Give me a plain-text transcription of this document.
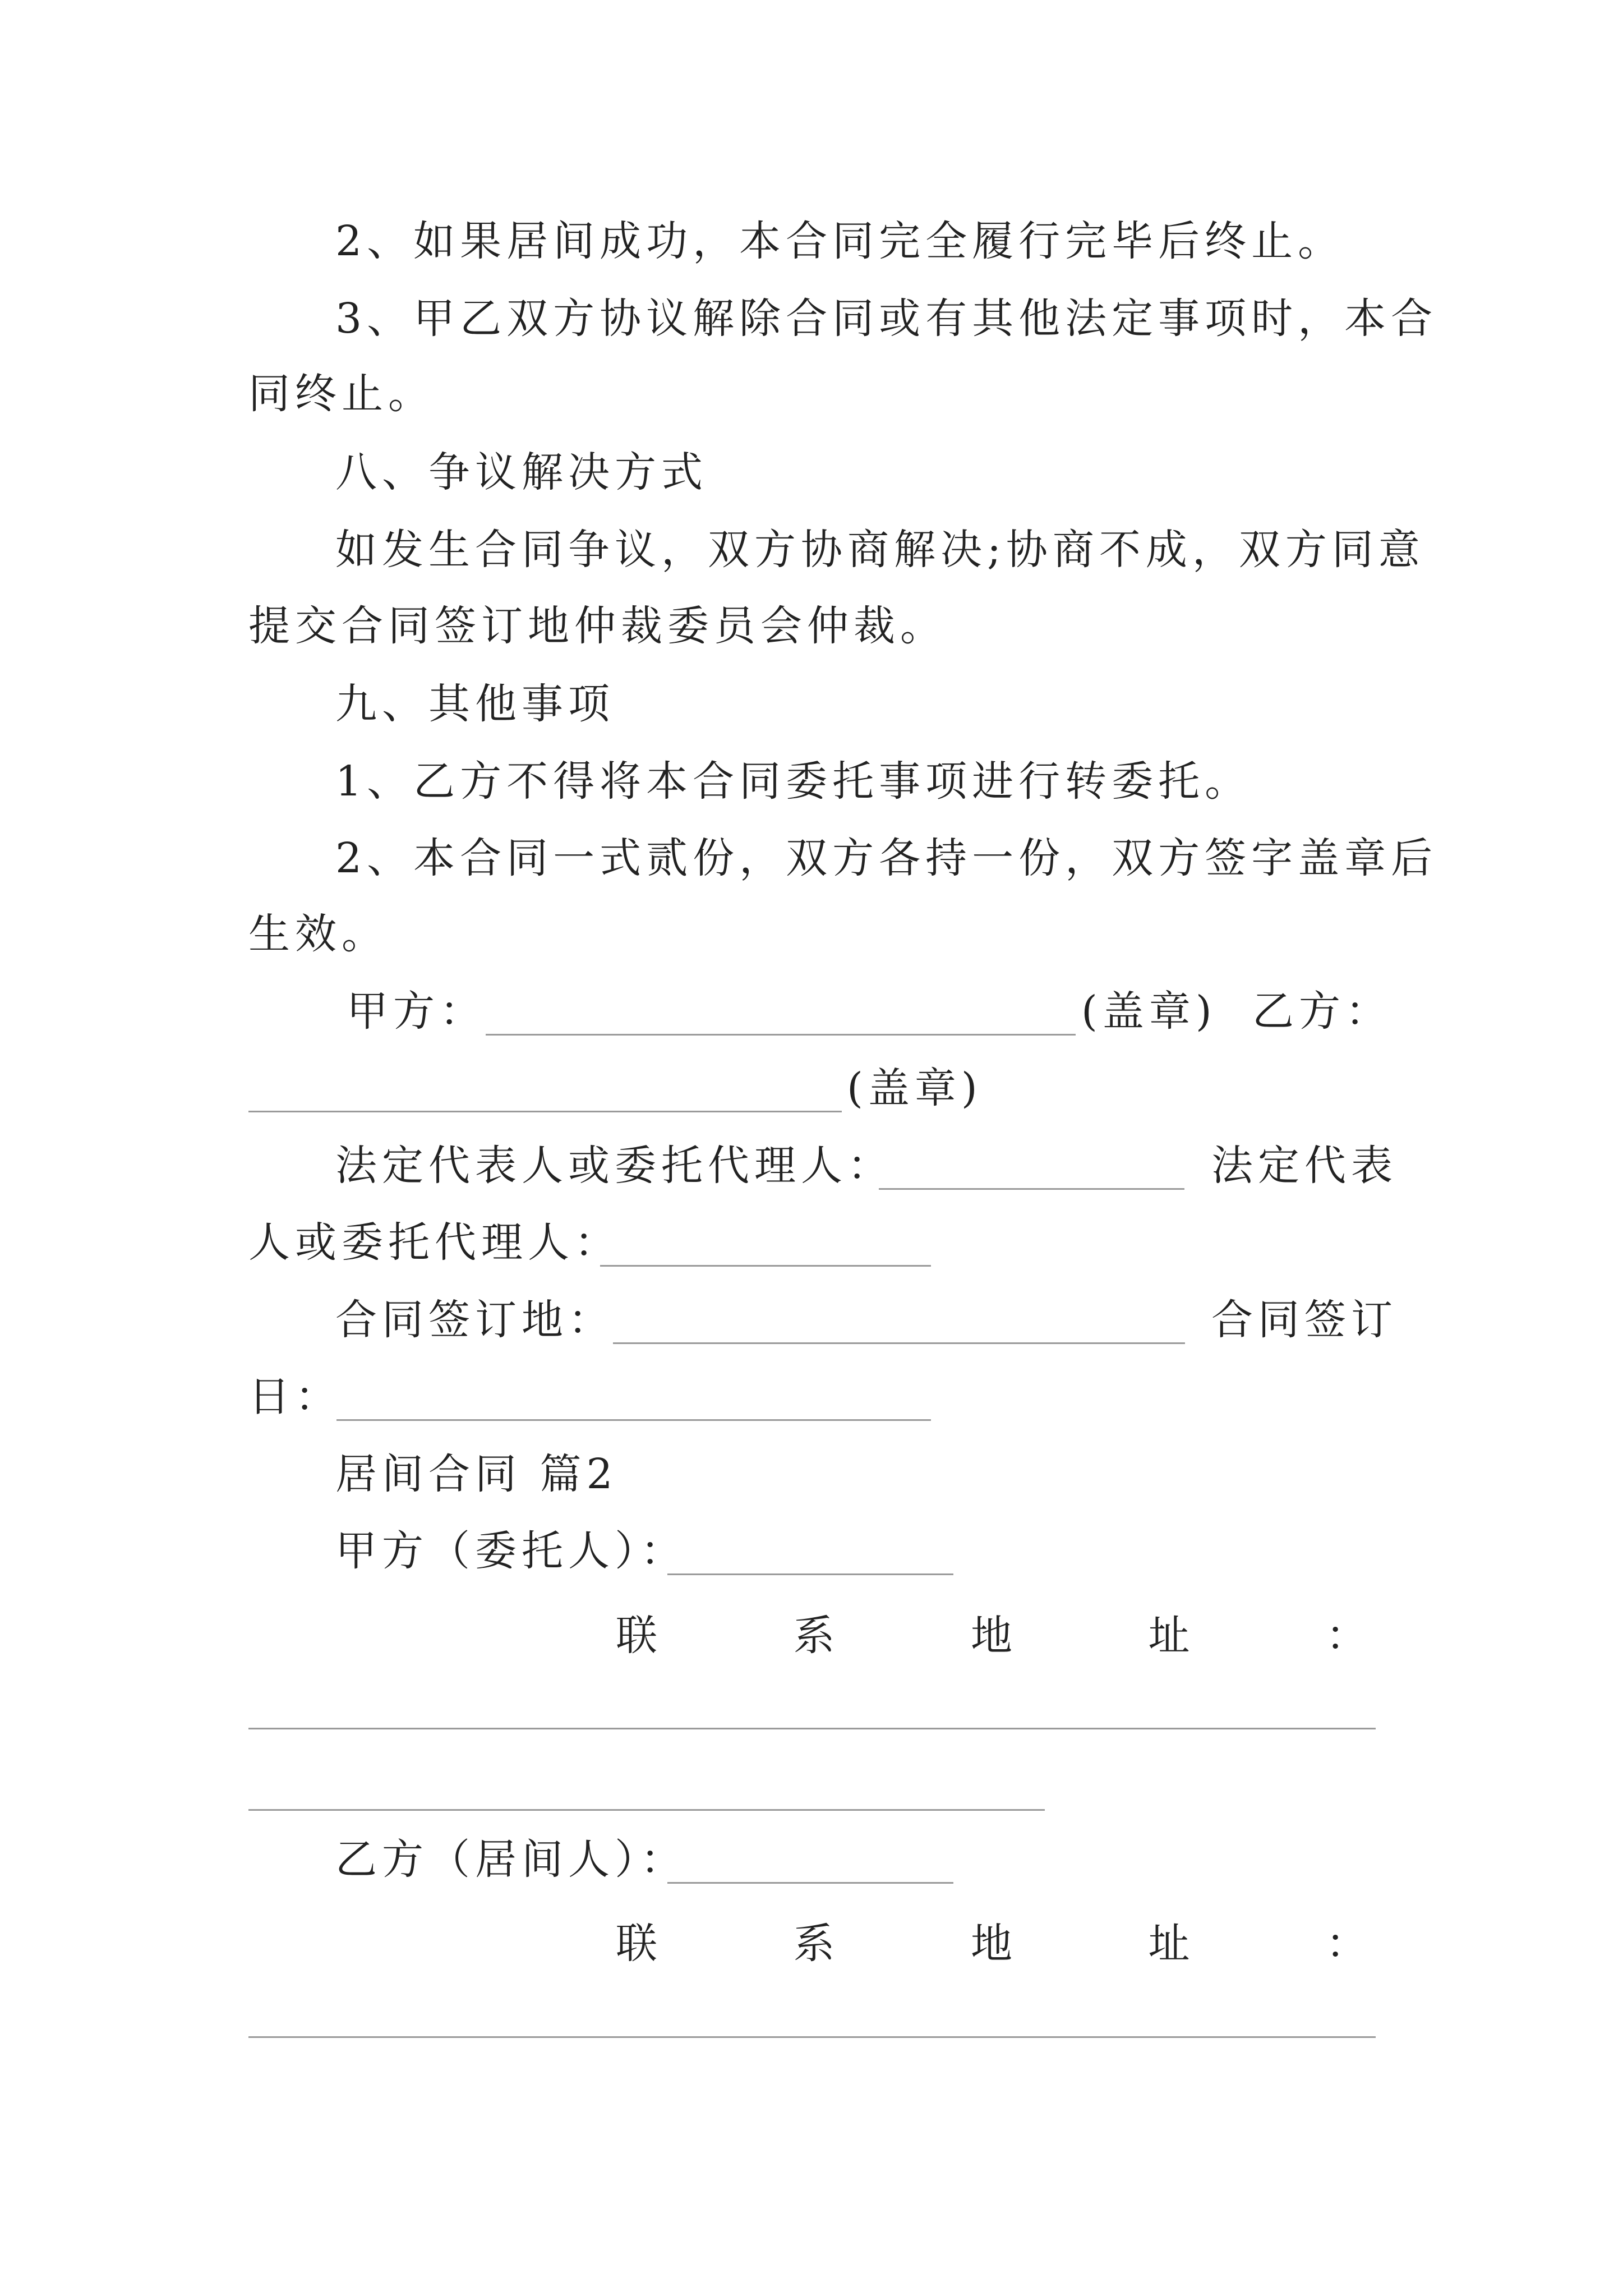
2、如果居间成功，本合同完全履行完毕后终止。
3、甲乙双方协议解除合同或有其他法定事项时，本合
同终止。
八、争议解决方式
如发生合同争议，双方协商解决;协商不成，双方同意
提交合同签订地仲裁委员会仲裁。
九、其他事项
1、乙方不得将本合同委托事项进行转委托。
2、本合同一式贰份，双方各持一份，双方签字盖章后
生效。
甲方：	(盖章) 乙方：
(盖章)
法定代表人或委托代理人：	法定代表
人或委托代理人：
合同签订地：	合同签订
日：
居间合同 篇2
甲方（委托人）：
联	系	地	址	：
乙方（居间人）：
联	系	地	址	：
